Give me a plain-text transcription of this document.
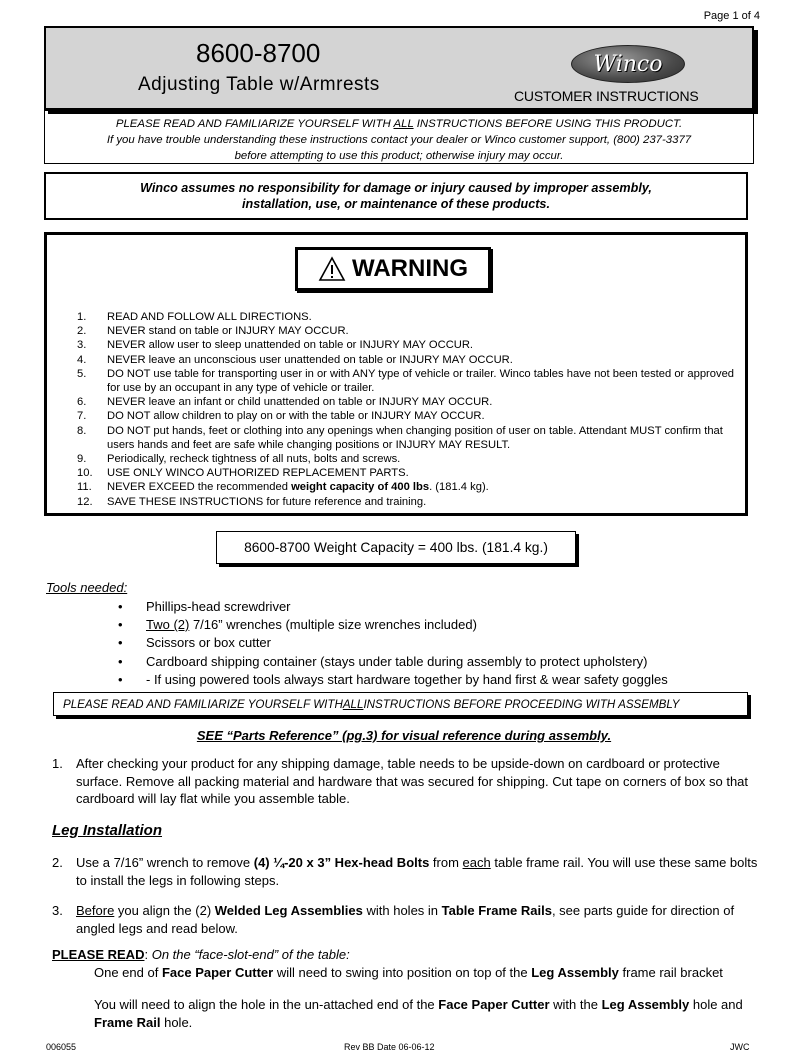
Page 1 of 4
8600-8700
Adjusting Table w/Armrests
Winco
CUSTOMER INSTRUCTIONS
PLEASE READ AND FAMILIARIZE YOURSELF WITH ALL INSTRUCTIONS BEFORE USING THIS PRODUCT.
If you have trouble understanding these instructions contact your dealer or Winco customer support, (800) 237-3377
before attempting to use this product; otherwise injury may occur.
Winco assumes no responsibility for damage or injury caused by improper assembly,
installation, use, or maintenance of these products.
WARNING
1.	READ AND FOLLOW ALL DIRECTIONS.
2.	NEVER stand on table or INJURY MAY OCCUR.
3.	NEVER allow user to sleep unattended on table or INJURY MAY OCCUR.
4.	NEVER leave an unconscious user unattended on table or INJURY MAY OCCUR.
5.	DO NOT use table for transporting user in or with ANY type of vehicle or trailer. Winco tables have not been tested or approved for use by an occupant in any type of vehicle or trailer.
6.	NEVER leave an infant or child unattended on table or INJURY MAY OCCUR.
7.	DO NOT allow children to play on or with the table or INJURY MAY OCCUR.
8.	DO NOT put hands, feet or clothing into any openings when changing position of user on table. Attendant MUST confirm that users hands and feet are safe while changing positions or INJURY MAY RESULT.
9.	Periodically, recheck tightness of all nuts, bolts and screws.
10.	USE ONLY WINCO AUTHORIZED REPLACEMENT PARTS.
11.	NEVER EXCEED the recommended weight capacity of 400 lbs. (181.4 kg).
12.	SAVE THESE INSTRUCTIONS for future reference and training.
8600-8700 Weight Capacity = 400 lbs. (181.4 kg.)
Tools needed:
•	Phillips-head screwdriver
•	Two (2) 7/16” wrenches (multiple size wrenches included)
•	Scissors or box cutter
•	Cardboard shipping container (stays under table during assembly to protect upholstery)
•	- If using powered tools always start hardware together by hand first & wear safety goggles
PLEASE READ AND FAMILIARIZE YOURSELF WITH ALL INSTRUCTIONS BEFORE PROCEEDING WITH ASSEMBLY
SEE “Parts Reference” (pg.3) for visual reference during assembly.
1.	After checking your product for any shipping damage, table needs to be upside-down on cardboard or protective surface. Remove all packing material and hardware that was secured for shipping. Cut tape on corners of box so that cardboard will lay flat while you assemble table.
Leg Installation
2.	Use a 7/16” wrench to remove (4) ¼-20 x 3” Hex-head Bolts from each table frame rail. You will use these same bolts to install the legs in following steps.
3.	Before you align the (2) Welded Leg Assemblies with holes in Table Frame Rails, see parts guide for direction of angled legs and read below.
PLEASE READ: On the “face-slot-end” of the table:
One end of Face Paper Cutter will need to swing into position on top of the Leg Assembly frame rail bracket
You will need to align the hole in the un-attached end of the Face Paper Cutter with the Leg Assembly hole and Frame Rail hole.
006055	Rev BB Date 06-06-12	JWC
